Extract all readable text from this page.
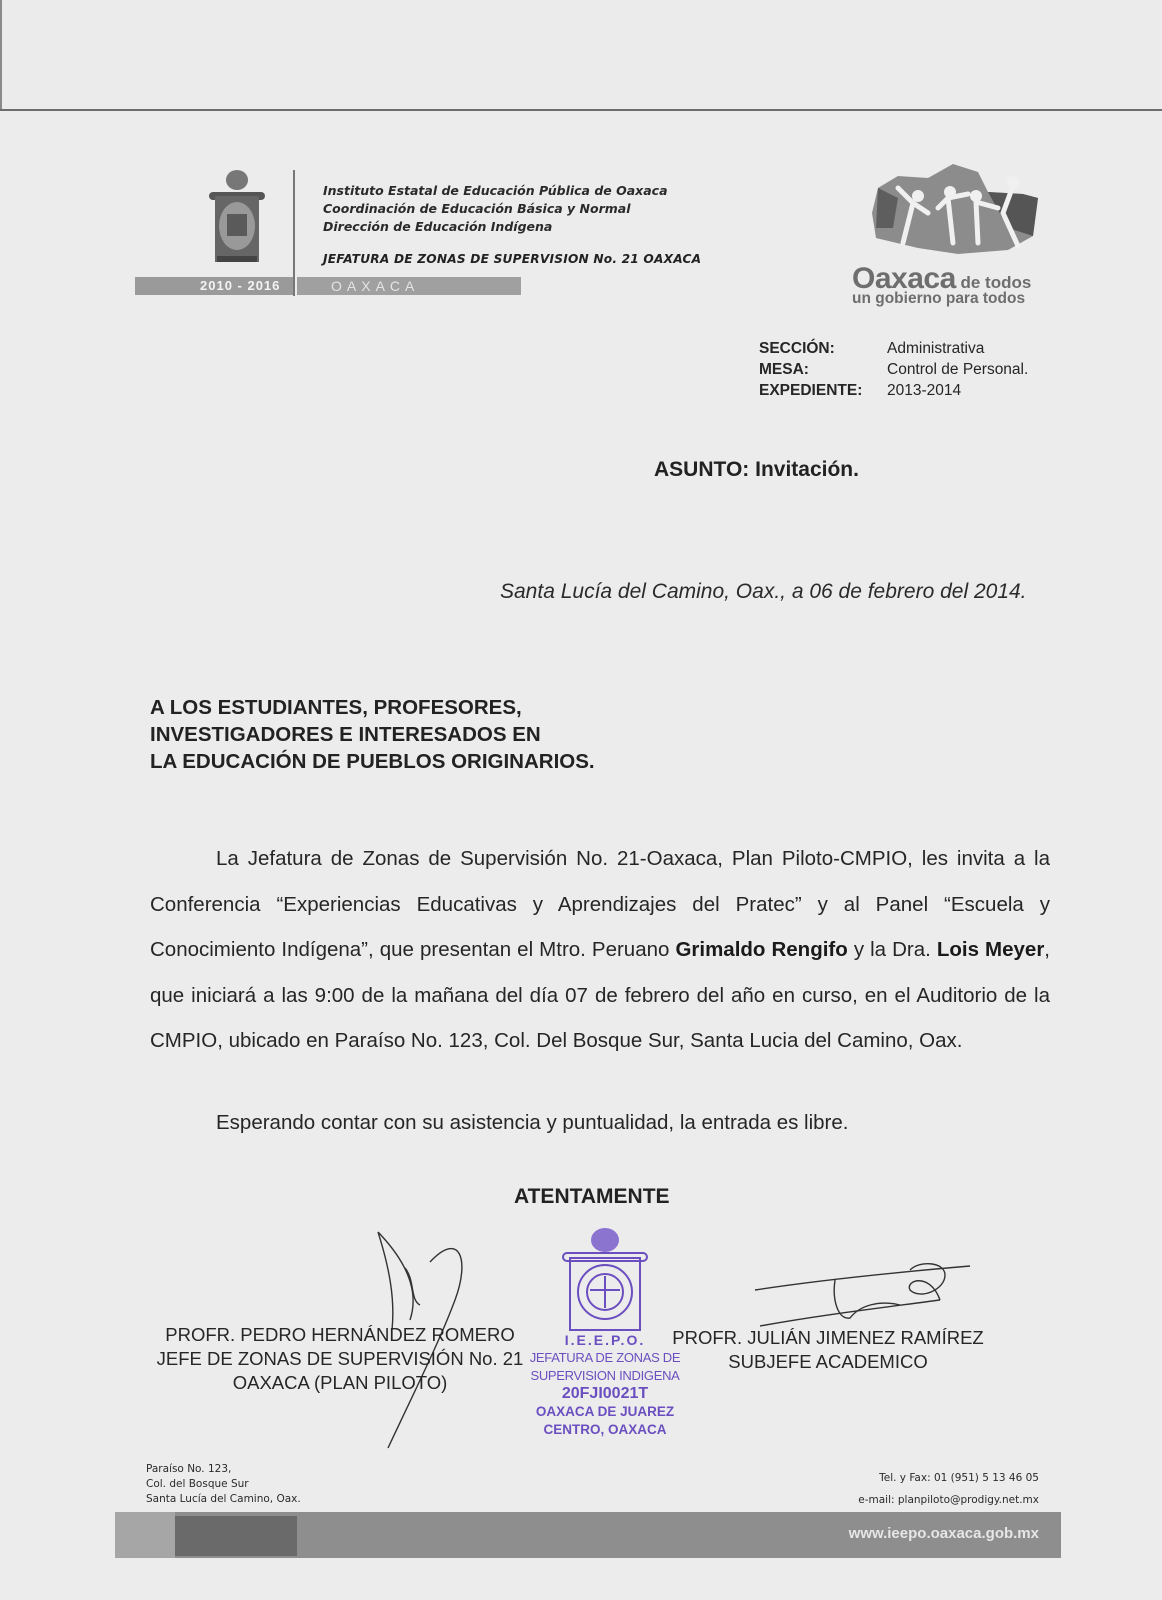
Instituto Estatal de Educación Pública de Oaxaca
Coordinación de Educación Básica y Normal
Dirección de Educación Indígena
JEFATURA DE ZONAS DE SUPERVISION No. 21 OAXACA
2010 - 2016	OAXACA	Oaxaca de todos
un gobierno para todos
SECCIÓN:	Administrativa
MESA:	Control de Personal.
EXPEDIENTE:	2013-2014
ASUNTO: Invitación.
Santa Lucía del Camino, Oax., a 06 de febrero del 2014.
A LOS ESTUDIANTES, PROFESORES,
INVESTIGADORES E INTERESADOS EN
LA EDUCACIÓN DE PUEBLOS ORIGINARIOS.

La Jefatura de Zonas de Supervisión No. 21-Oaxaca, Plan Piloto-CMPIO, les invita a la Conferencia “Experiencias Educativas y Aprendizajes del Pratec” y al Panel “Escuela y Conocimiento Indígena”, que presentan el Mtro. Peruano Grimaldo Rengifo y la Dra. Lois Meyer, que iniciará a las 9:00 de la mañana del día 07 de febrero del año en curso, en el Auditorio de la CMPIO, ubicado en Paraíso No. 123, Col. Del Bosque Sur, Santa Lucia del Camino, Oax.

Esperando contar con su asistencia y puntualidad, la entrada es libre.
ATENTAMENTE
PROFR. PEDRO HERNÁNDEZ ROMERO
JEFE DE ZONAS DE SUPERVISIÓN No. 21
OAXACA (PLAN PILOTO)
PROFR. JULIÁN JIMENEZ RAMÍREZ
SUBJEFE ACADEMICO
I.E.E.P.O.
JEFATURA DE ZONAS DE
SUPERVISION INDIGENA
20FJI0021T
OAXACA DE JUAREZ
CENTRO, OAXACA
Paraíso No. 123,
Col. del Bosque Sur
Santa Lucía del Camino, Oax.
Tel. y Fax: 01 (951) 5 13 46 05
e-mail: planpiloto@prodigy.net.mx
www.ieepo.oaxaca.gob.mx
